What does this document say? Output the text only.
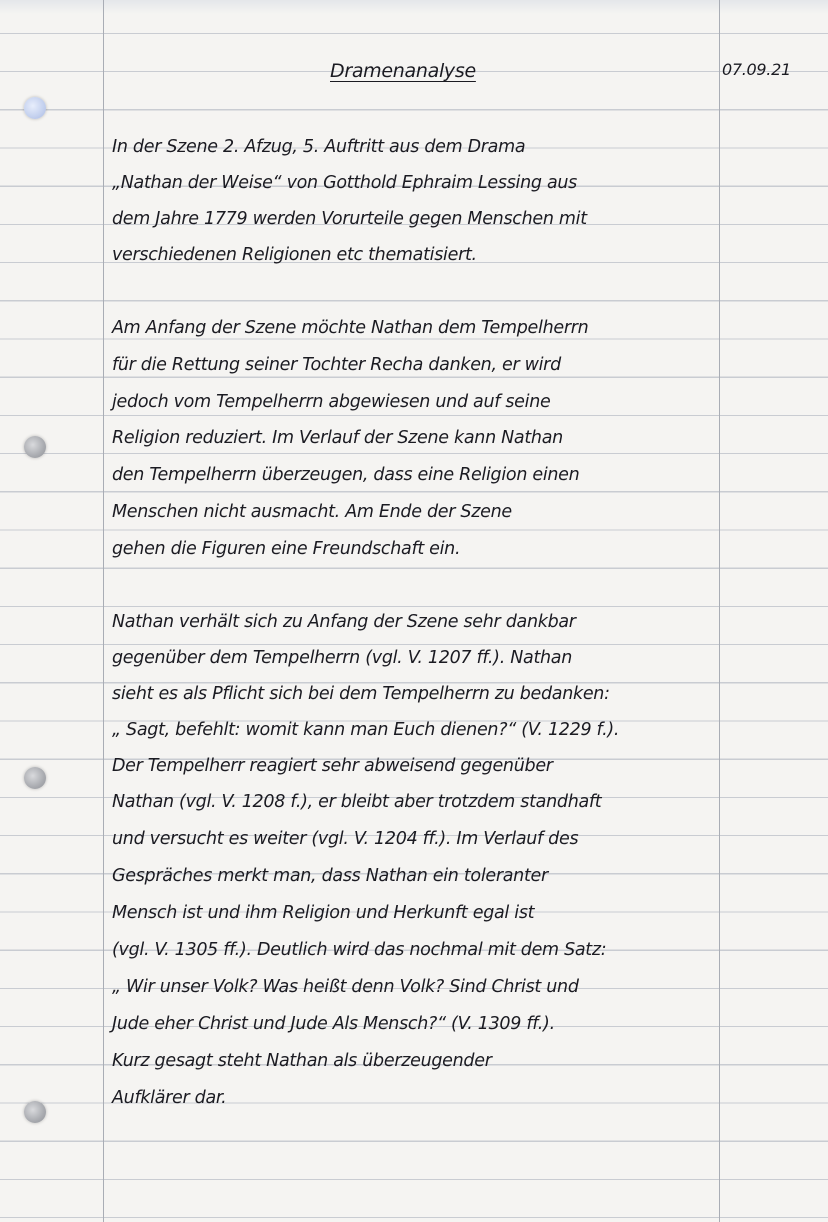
Dramenanalyse	07.09.21
In der Szene 2. Afzug, 5. Auftritt aus dem Drama
„Nathan der Weise“ von Gotthold Ephraim Lessing aus
dem Jahre 1779 werden Vorurteile gegen Menschen mit
verschiedenen Religionen etc thematisiert.
Am Anfang der Szene möchte Nathan dem Tempelherrn
für die Rettung seiner Tochter Recha danken, er wird
jedoch vom Tempelherrn abgewiesen und auf seine
Religion reduziert. Im Verlauf der Szene kann Nathan
den Tempelherrn überzeugen, dass eine Religion einen
Menschen nicht ausmacht. Am Ende der Szene
gehen die Figuren eine Freundschaft ein.
Nathan verhält sich zu Anfang der Szene sehr dankbar
gegenüber dem Tempelherrn (vgl. V. 1207 ff.). Nathan
sieht es als Pflicht sich bei dem Tempelherrn zu bedanken:
„ Sagt, befehlt: womit kann man Euch dienen?“ (V. 1229 f.).
Der Tempelherr reagiert sehr abweisend gegenüber
Nathan (vgl. V. 1208 f.), er bleibt aber trotzdem standhaft
und versucht es weiter (vgl. V. 1204 ff.). Im Verlauf des
Gespräches merkt man, dass Nathan ein toleranter
Mensch ist und ihm Religion und Herkunft egal ist
(vgl. V. 1305 ff.). Deutlich wird das nochmal mit dem Satz:
„ Wir unser Volk? Was heißt denn Volk? Sind Christ und
Jude eher Christ und Jude Als Mensch?“ (V. 1309 ff.).
Kurz gesagt steht Nathan als überzeugender
Aufklärer dar.
